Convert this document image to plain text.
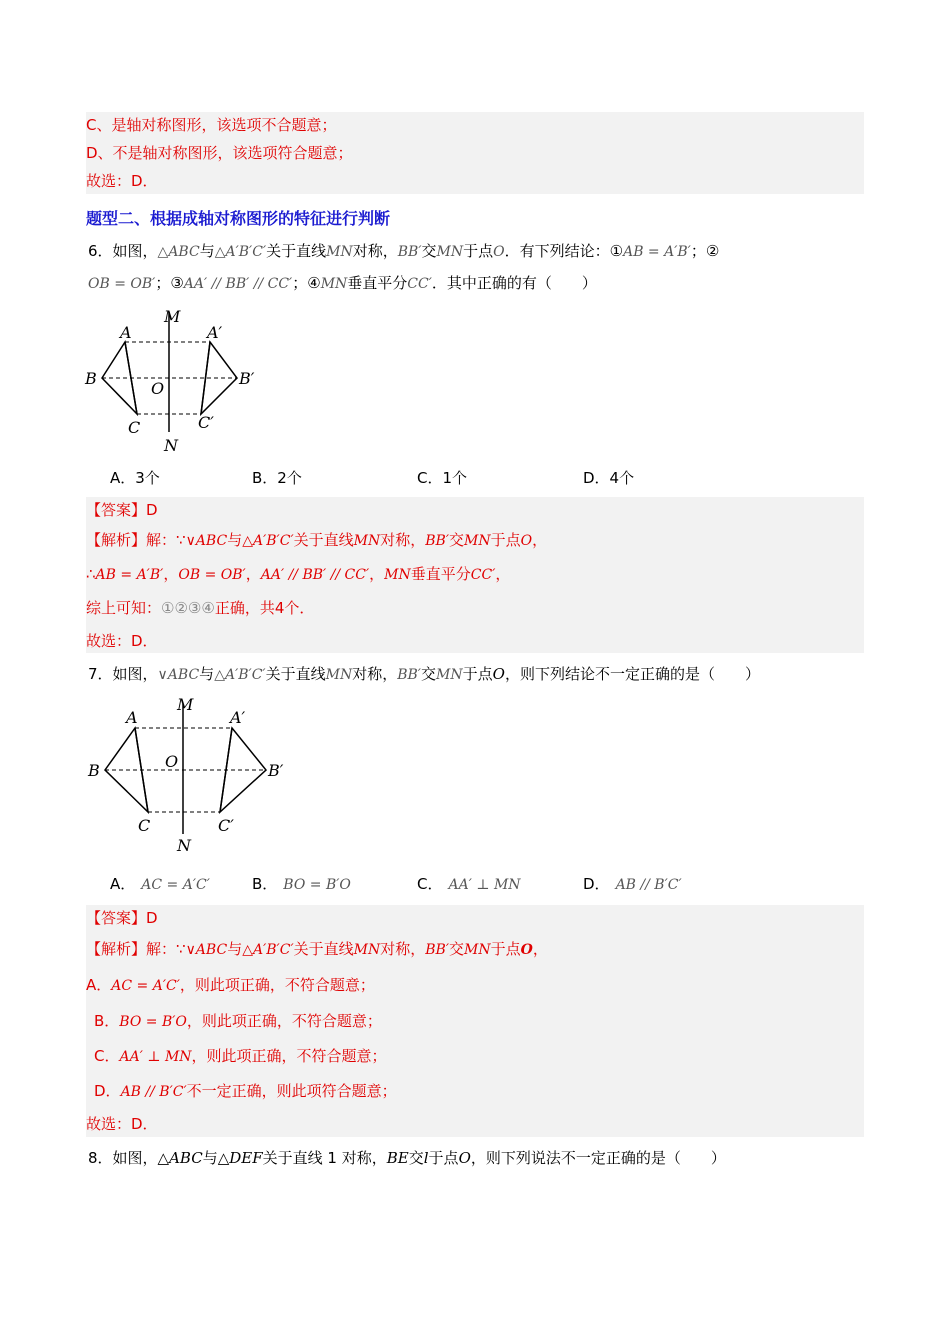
C、是轴对称图形，该选项不合题意；
D、不是轴对称图形，该选项符合题意；
故选：D．
题型二、根据成轴对称图形的特征进行判断
6．如图，△ABC与△A′B′C′关于直线MN对称，BB′交MN于点O．有下列结论：①AB = A′B′；②
OB = OB′；③AA′ // BB′ // CC′；④MN垂直平分CC′．其中正确的有（　　）
M
N
A	A′
B	B′
C	C′
O
A．3个	B．2个	C．1个	D．4个
【答案】D
【解析】解：∵∨ABC与△A′B′C′关于直线MN对称，BB′交MN于点O，
∴AB = A′B′，OB = OB′，AA′ // BB′ // CC′，MN垂直平分CC′，
综上可知：①②③④正确，共4个．
故选：D．
7．如图，∨ABC与△A′B′C′关于直线MN对称，BB′交MN于点O，则下列结论不一定正确的是（　　）
M
N
A	A′
B	B′
C	C′
O
A． AC = A′C′	B． BO = B′O	C． AA′ ⊥ MN	D． AB // B′C′
【答案】D
【解析】解：∵∨ABC与△A′B′C′关于直线MN对称，BB′交MN于点O，
A．AC = A′C′，则此项正确，不符合题意；
B．BO = B′O，则此项正确，不符合题意；
C．AA′ ⊥ MN，则此项正确，不符合题意；
D．AB // B′C′不一定正确，则此项符合题意；
故选：D．
8．如图，△ABC与△DEF关于直线 1 对称，BE交l于点O，则下列说法不一定正确的是（　　）
